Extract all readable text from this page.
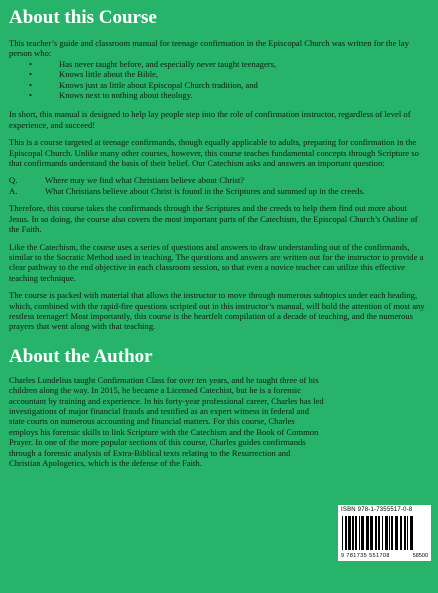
About this Course

This teacher’s guide and classroom manual for teenage confirmation in the Episcopal Church was written for the lay person who:

•	Has never taught before, and especially never taught teenagers,
•	Knows little about the Bible,
•	Knows just as little about Episcopal Church tradition, and
•	Knows next to nothing about theology.

In short, this manual is designed to help lay people step into the role of confirmation instructor, regardless of level of experience, and succeed!

This is a course targeted at teenage confirmands, though equally applicable to adults, preparing for confirmation in the Episcopal Church. Unlike many other courses, however, this course teaches fundamental concepts through Scripture so that confirmands understand the basis of their belief. Our Catechism asks and answers an important question:

Q.	Where may we find what Christians believe about Christ?
A.	What Christians believe about Christ is found in the Scriptures and summed up in the creeds.

Therefore, this course takes the confirmands through the Scriptures and the creeds to help them find out more about Jesus. In so doing, the course also covers the most important parts of the Catechism, the Episcopal Church’s Outline of the Faith.

Like the Catechism, the course uses a series of questions and answers to draw understanding out of the confirmands, similar to the Socratic Method used in teaching. The questions and answers are written out for the instructor to provide a clear pathway to the end objective in each classroom session, so that even a novice teacher can utilize this effective teaching technique.

The course is packed with material that allows the instructor to move through numerous subtopics under each heading, which, combined with the rapid-fire questions scripted out in this instructor’s manual, will hold the attention of most any restless teenager! Most importantly, this course is the heartfelt compilation of a decade of teaching, and the numerous prayers that went along with that teaching.

About the Author

Charles Lundelius taught Confirmation Class for over ten years, and he taught three of his children along the way. In 2015, he became a Licensed Catechist, but he is a forensic accountant by training and experience. In his forty-year professional career, Charles has led investigations of major financial frauds and testified as an expert witness in federal and state courts on numerous accounting and financial matters. For this course, Charles employs his forensic skills to link Scripture with the Catechism and the Book of Common Prayer. In one of the more popular sections of this course, Charles guides confirmands through a forensic analysis of Extra-Biblical texts relating to the Resurrection and Christian Apologetics, which is the defense of the Faith.

ISBN 978-1-7355517-0-8
9 781735 551708	58500
